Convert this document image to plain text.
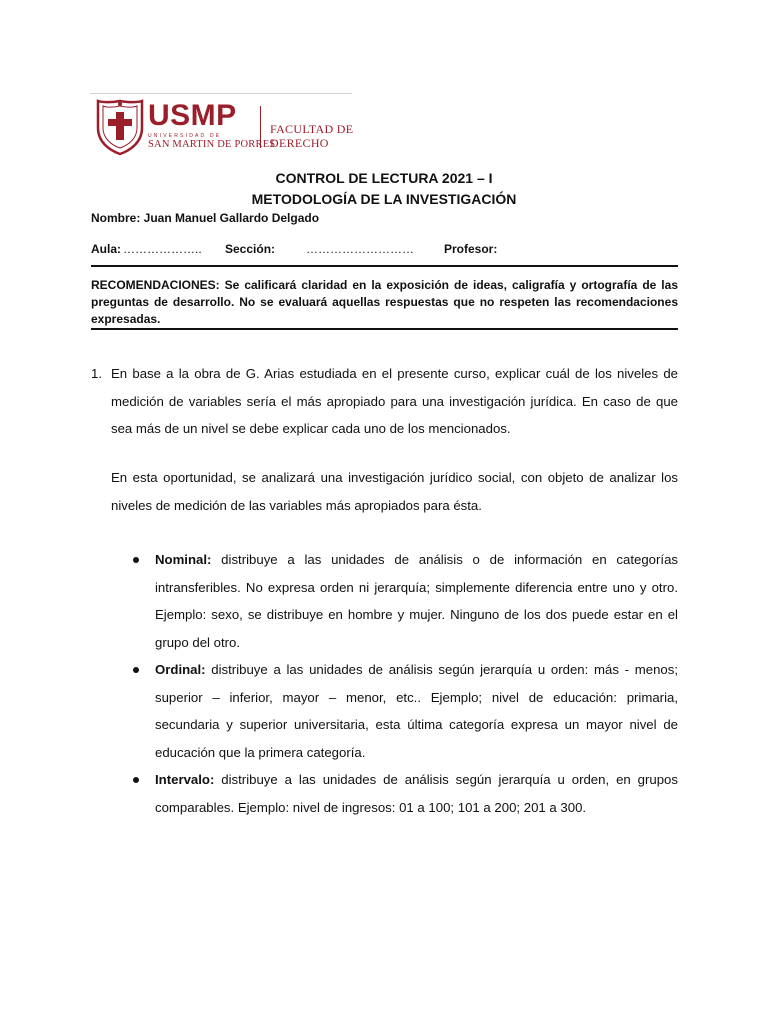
USMP
UNIVERSIDAD DE
SAN MARTIN DE PORRES
FACULTAD DE
DERECHO
CONTROL DE LECTURA 2021 – I
METODOLOGÍA DE LA INVESTIGACIÓN
Nombre: Juan Manuel Gallardo Delgado
Aula: ……………….. Sección:	………………………	Profesor:
RECOMENDACIONES: Se calificará claridad en la exposición de ideas, caligrafía y ortografía de las preguntas de desarrollo. No se evaluará aquellas respuestas que no respeten las recomendaciones expresadas.
1. En base a la obra de G. Arias estudiada en el presente curso, explicar cuál de los niveles de medición de variables sería el más apropiado para una investigación jurídica. En caso de que sea más de un nivel se debe explicar cada uno de los mencionados.
En esta oportunidad, se analizará una investigación jurídico social, con objeto de analizar los niveles de medición de las variables más apropiados para ésta.
Nominal: distribuye a las unidades de análisis o de información en categorías intransferibles. No expresa orden ni jerarquía; simplemente diferencia entre uno y otro. Ejemplo: sexo, se distribuye en hombre y mujer. Ninguno de los dos puede estar en el grupo del otro.
Ordinal: distribuye a las unidades de análisis según jerarquía u orden: más - menos; superior – inferior, mayor – menor, etc.. Ejemplo; nivel de educación: primaria, secundaria y superior universitaria, esta última categoría expresa un mayor nivel de educación que la primera categoría.
Intervalo: distribuye a las unidades de análisis según jerarquía u orden, en grupos comparables. Ejemplo: nivel de ingresos: 01 a 100; 101 a 200; 201 a 300.
